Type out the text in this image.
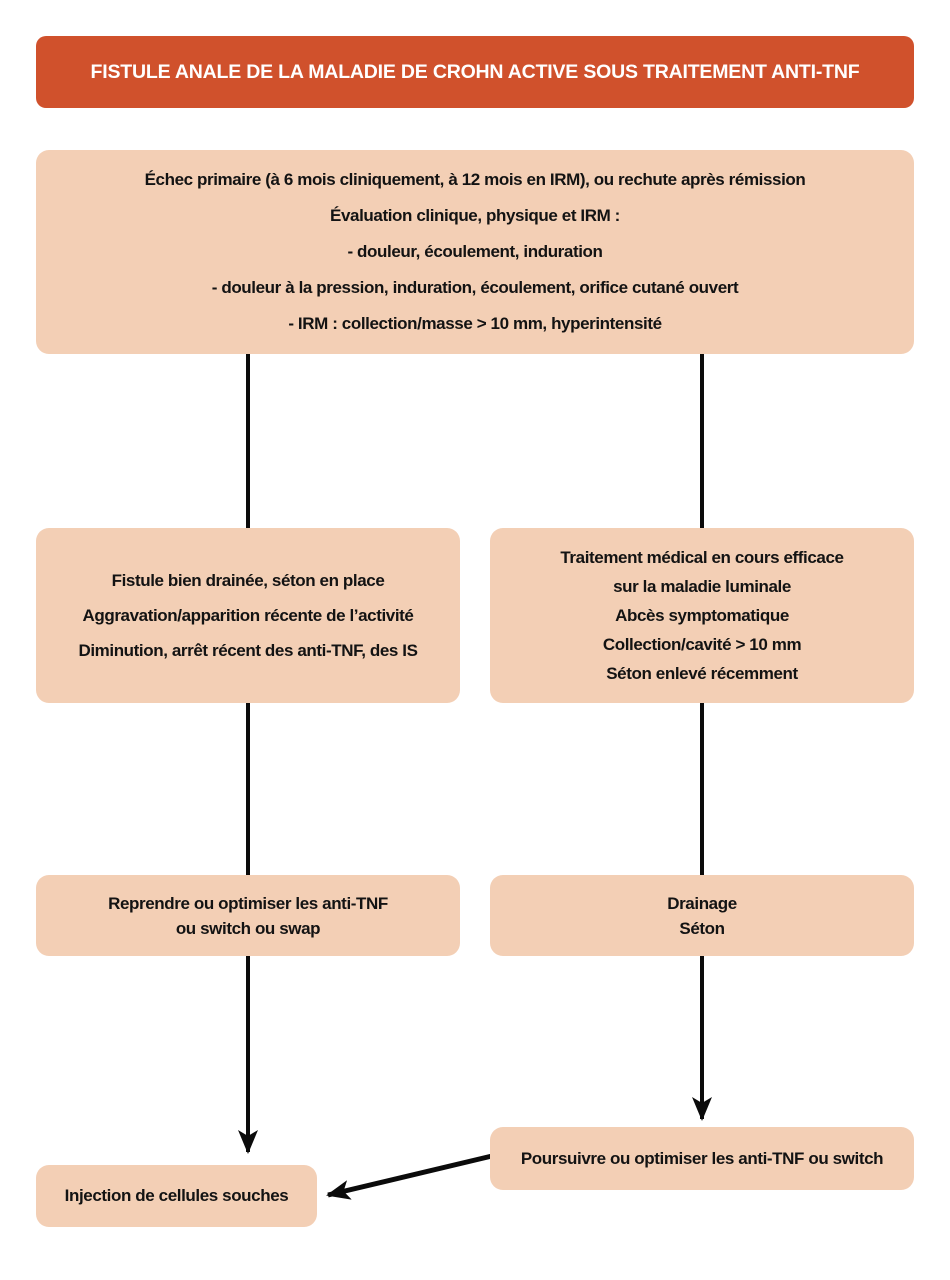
FISTULE ANALE DE LA MALADIE DE CROHN ACTIVE SOUS TRAITEMENT ANTI-TNF
Échec primaire (à 6 mois cliniquement, à 12 mois en IRM), ou rechute après rémission
Évaluation clinique, physique et IRM :
- douleur, écoulement, induration
- douleur à la pression, induration, écoulement, orifice cutané ouvert
- IRM : collection/masse > 10 mm, hyperintensité
Fistule bien drainée, séton en place
Aggravation/apparition récente de l’activité
Diminution, arrêt récent des anti-TNF, des IS
Traitement médical en cours efficace
sur la maladie luminale
Abcès symptomatique
Collection/cavité > 10 mm
Séton enlevé récemment
Reprendre ou optimiser les anti-TNF
ou switch ou swap
Drainage
Séton
Poursuivre ou optimiser les anti-TNF ou switch
Injection de cellules souches
